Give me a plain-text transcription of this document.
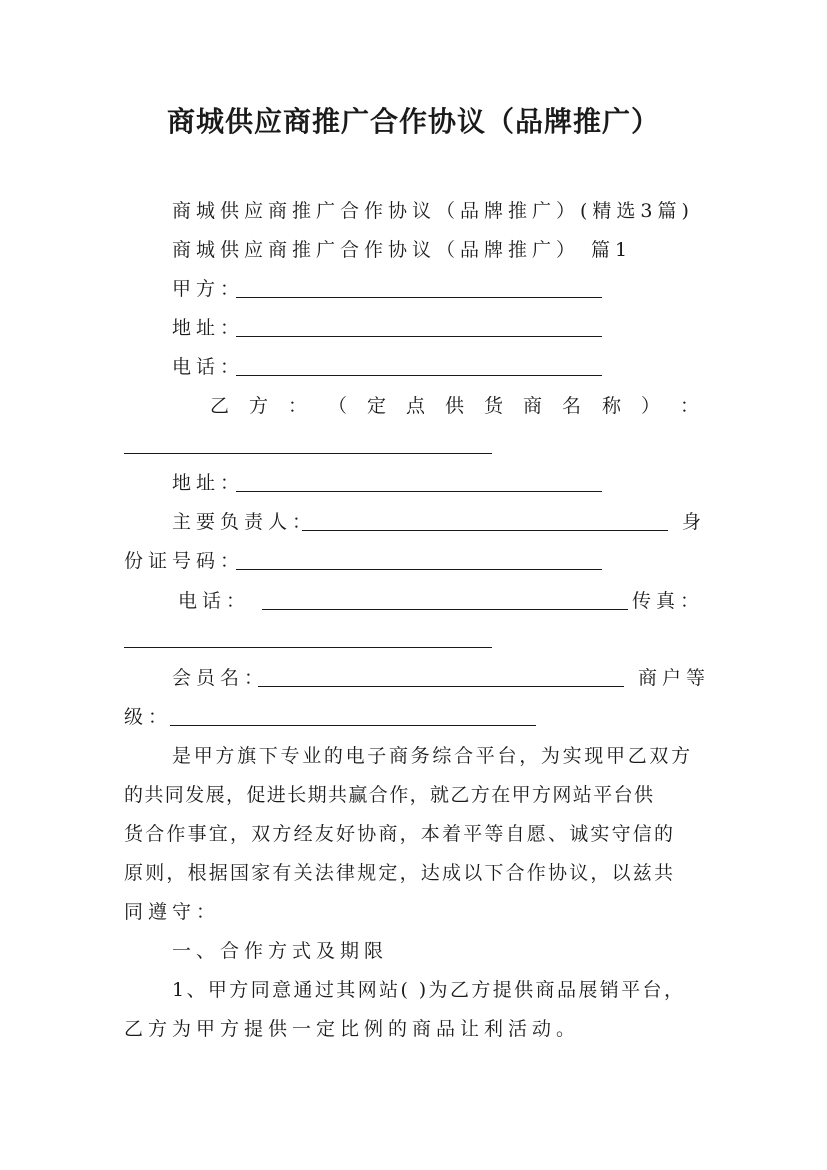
商城供应商推广合作协议（品牌推广）
商城供应商推广合作协议（品牌推广）(精选3篇)
商城供应商推广合作协议（品牌推广） 篇1
甲方：
地址：
电话：
乙 方 ： （ 定 点 供 货 商 名 称 ） ：
地址：
主要负责人：	身
份证号码：
电话：	传真：
会员名：	商户等
级：
是甲方旗下专业的电子商务综合平台，为实现甲乙双方
的共同发展，促进长期共赢合作，就乙方在甲方网站平台供
货合作事宜，双方经友好协商，本着平等自愿、诚实守信的
原则，根据国家有关法律规定，达成以下合作协议，以兹共
同遵守：
一、合作方式及期限
1、甲方同意通过其网站( )为乙方提供商品展销平台，
乙方为甲方提供一定比例的商品让利活动。
